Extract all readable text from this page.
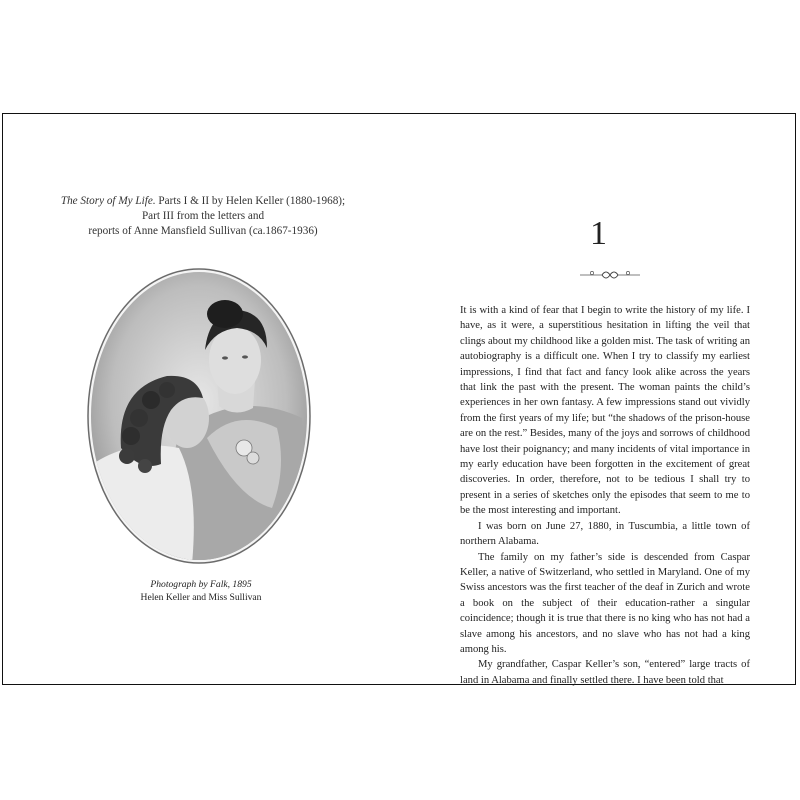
The Story of My Life. Parts I & II by Helen Keller (1880-1968);
Part III from the letters and
reports of Anne Mansfield Sullivan (ca.1867-1936)
Photograph by Falk, 1895
Helen Keller and Miss Sullivan
1

It is with a kind of fear that I begin to write the history of my life. I have, as it were, a superstitious hesitation in lifting the veil that clings about my childhood like a golden mist. The task of writing an autobiography is a difficult one. When I try to classify my earliest impressions, I find that fact and fancy look alike across the years that link the past with the present. The woman paints the child’s experiences in her own fantasy. A few impressions stand out vividly from the first years of my life; but “the shadows of the prison-house are on the rest.” Besides, many of the joys and sorrows of childhood have lost their poignancy; and many incidents of vital importance in my early education have been forgotten in the excitement of great discoveries. In order, therefore, not to be tedious I shall try to present in a series of sketches only the episodes that seem to me to be the most interesting and important.

I was born on June 27, 1880, in Tuscumbia, a little town of northern Alabama.

The family on my father’s side is descended from Caspar Keller, a native of Switzerland, who settled in Maryland. One of my Swiss ancestors was the first teacher of the deaf in Zurich and wrote a book on the subject of their education-rather a singular coincidence; though it is true that there is no king who has not had a slave among his ancestors, and no slave who has not had a king among his.

My grandfather, Caspar Keller’s son, “entered” large tracts of land in Alabama and finally settled there. I have been told that
